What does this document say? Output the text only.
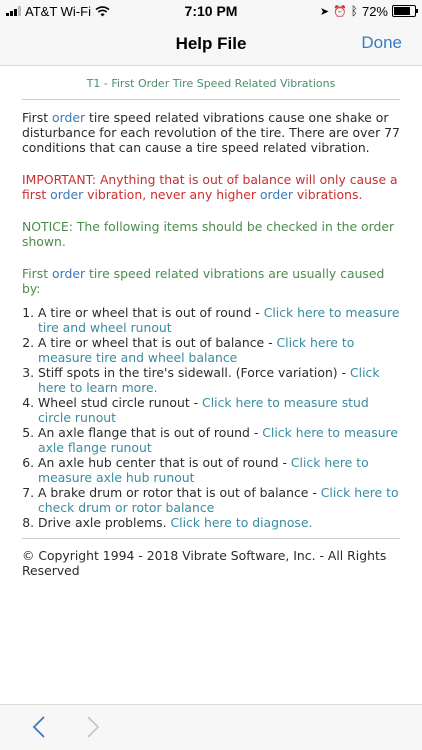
AT&T Wi-Fi	7:10 PM	➤ ⏰ ᛒ 72%
Help File	Done
T1 - First Order Tire Speed Related Vibrations

First order tire speed related vibrations cause one shake or disturbance for each revolution of the tire. There are over 77 conditions that can cause a tire speed related vibration.

IMPORTANT: Anything that is out of balance will only cause a first order vibration, never any higher order vibrations.

NOTICE: The following items should be checked in the order shown.

First order tire speed related vibrations are usually caused by:

1. A tire or wheel that is out of round - Click here to measure tire and wheel runout
2. A tire or wheel that is out of balance - Click here to measure tire and wheel balance
3. Stiff spots in the tire's sidewall. (Force variation) - Click here to learn more.
4. Wheel stud circle runout - Click here to measure stud circle runout
5. An axle flange that is out of round - Click here to measure axle flange runout
6. An axle hub center that is out of round - Click here to measure axle hub runout
7. A brake drum or rotor that is out of balance - Click here to check drum or rotor balance
8. Drive axle problems. Click here to diagnose.
© Copyright 1994 - 2018 Vibrate Software, Inc. - All Rights Reserved
